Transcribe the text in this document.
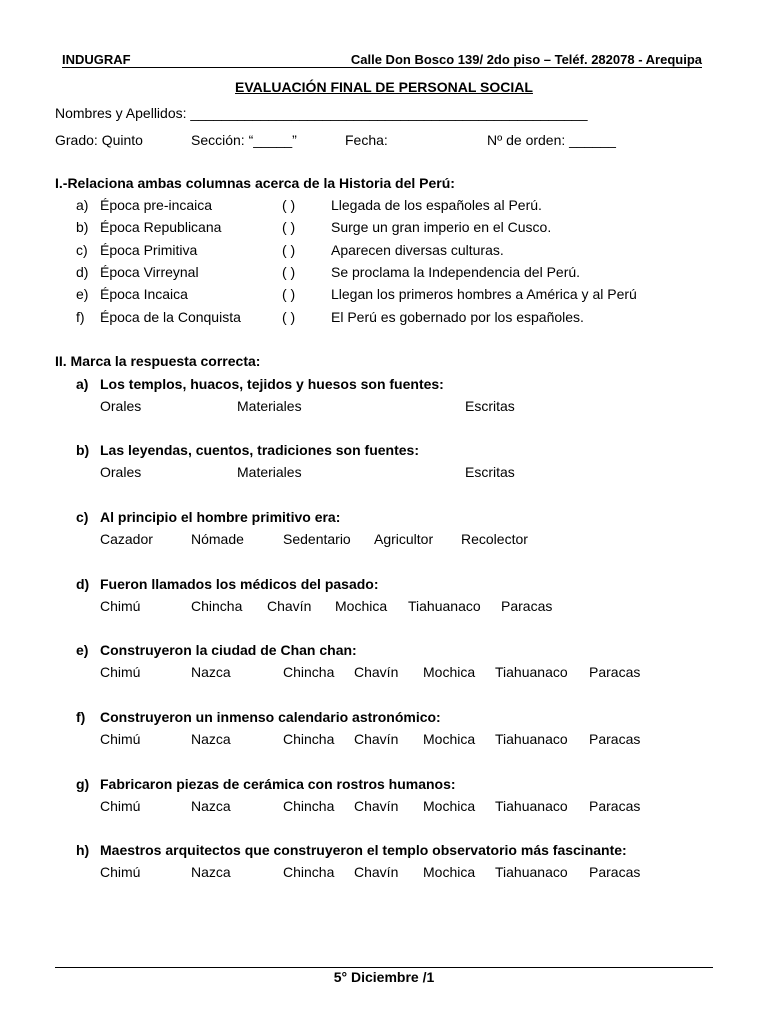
INDUGRAF	Calle Don Bosco 139/ 2do piso – Teléf. 282078 - Arequipa
EVALUACIÓN FINAL DE PERSONAL SOCIAL
Nombres y Apellidos: ___________________________________________________
Grado: Quinto	Sección: “_____”	Fecha:	Nº de orden: ______
I.-Relaciona ambas columnas acerca de la Historia del Perú:
a) Época pre-incaica	( )	Llegada de los españoles al Perú.
b) Época Republicana	( )	Surge un gran imperio en el Cusco.
c) Época Primitiva	( )	Aparecen diversas culturas.
d) Época Virreynal	( )	Se proclama la Independencia del Perú.
e) Época Incaica	( )	Llegan los primeros hombres a América y al Perú
f) Época de la Conquista	( )	El Perú es gobernado por los españoles.
II. Marca la respuesta correcta:
a) Los templos, huacos, tejidos y huesos son fuentes:
Orales	Materiales	Escritas
b) Las leyendas, cuentos, tradiciones son fuentes:
Orales	Materiales	Escritas
c) Al principio el hombre primitivo era:
Cazador	Nómade	Sedentario Agricultor Recolector
d) Fueron llamados los médicos del pasado:
Chimú	Chincha Chavín Mochica Tiahuanaco Paracas
e) Construyeron la ciudad de Chan chan:
Chimú	Nazca	Chincha Chavín Mochica Tiahuanaco Paracas
f) Construyeron un inmenso calendario astronómico:
Chimú	Nazca	Chincha Chavín Mochica Tiahuanaco Paracas
g) Fabricaron piezas de cerámica con rostros humanos:
Chimú	Nazca	Chincha Chavín Mochica Tiahuanaco Paracas
h) Maestros arquitectos que construyeron el templo observatorio más fascinante:
Chimú	Nazca	Chincha Chavín Mochica Tiahuanaco Paracas
5° Diciembre /1
